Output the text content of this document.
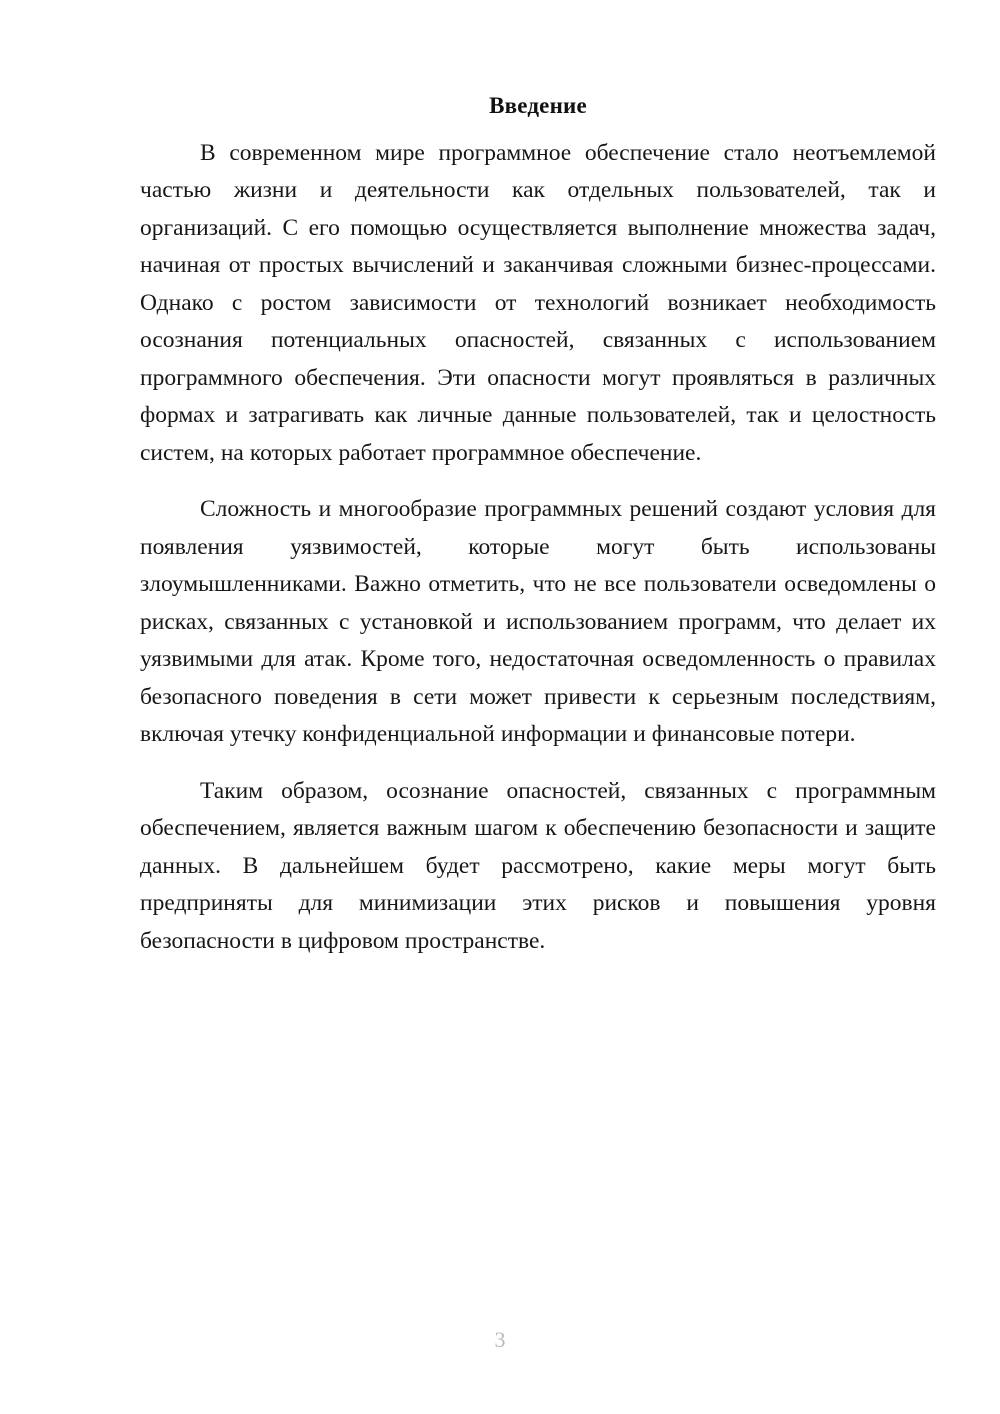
Введение

В современном мире программное обеспечение стало неотъемлемой частью жизни и деятельности как отдельных пользователей, так и организаций. С его помощью осуществляется выполнение множества задач, начиная от простых вычислений и заканчивая сложными бизнес-процессами. Однако с ростом зависимости от технологий возникает необходимость осознания потенциальных опасностей, связанных с использованием программного обеспечения. Эти опасности могут проявляться в различных формах и затрагивать как личные данные пользователей, так и целостность систем, на которых работает программное обеспечение.

Сложность и многообразие программных решений создают условия для появления уязвимостей, которые могут быть использованы злоумышленниками. Важно отметить, что не все пользователи осведомлены о рисках, связанных с установкой и использованием программ, что делает их уязвимыми для атак. Кроме того, недостаточная осведомленность о правилах безопасного поведения в сети может привести к серьезным последствиям, включая утечку конфиденциальной информации и финансовые потери.

Таким образом, осознание опасностей, связанных с программным обеспечением, является важным шагом к обеспечению безопасности и защите данных. В дальнейшем будет рассмотрено, какие меры могут быть предприняты для минимизации этих рисков и повышения уровня безопасности в цифровом пространстве.

3
